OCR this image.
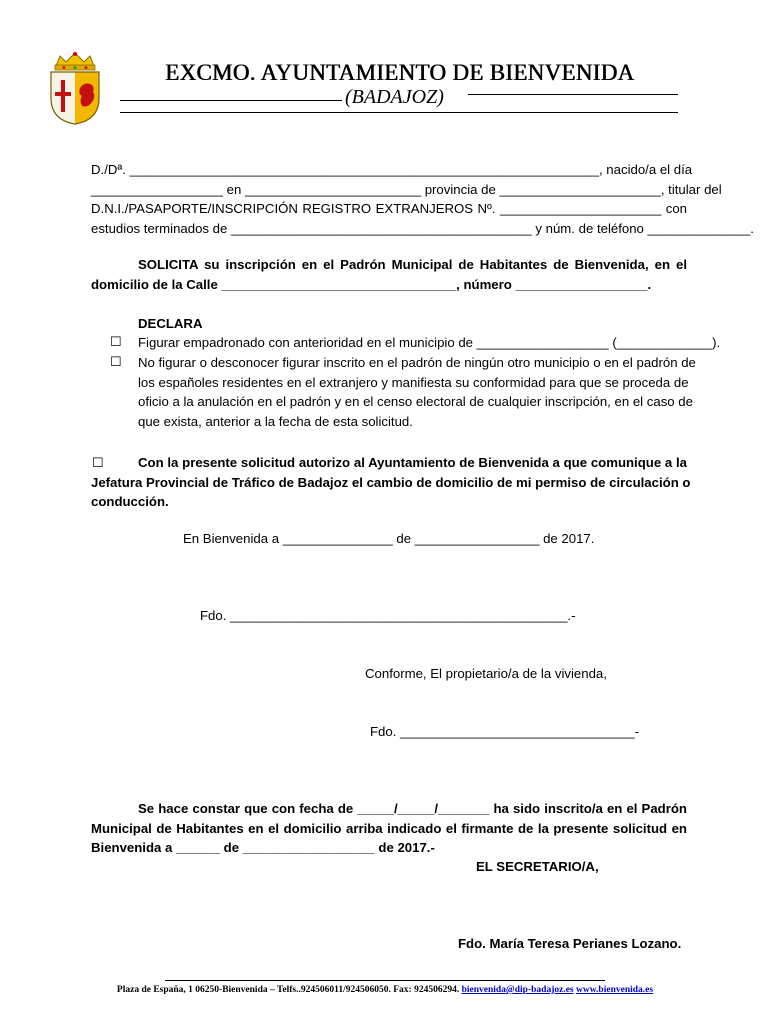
EXCMO. AYUNTAMIENTO DE BIENVENIDA
(BADAJOZ)
D./Dª. ________________________________________________________________, nacido/a el día
__________________ en ________________________ provincia de ______________________, titular del
D.N.I./PASAPORTE/INSCRIPCIÓN REGISTRO EXTRANJEROS Nº. ______________________ con
estudios terminados de _________________________________________ y núm. de teléfono ______________.
SOLICITA su inscripción en el Padrón Municipal de Habitantes de Bienvenida, en el
domicilio de la Calle ________________________________, número __________________.
DECLARA
☐ Figurar empadronado con anterioridad en el municipio de __________________ (_____________).
☐ No figurar o desconocer figurar inscrito en el padrón de ningún otro municipio o en el padrón de
los españoles residentes en el extranjero y manifiesta su conformidad para que se proceda de
oficio a la anulación en el padrón y en el censo electoral de cualquier inscripción, en el caso de
que exista, anterior a la fecha de esta solicitud.
☐	Con la presente solicitud autorizo al Ayuntamiento de Bienvenida a que comunique a la
Jefatura Provincial de Tráfico de Badajoz el cambio de domicilio de mi permiso de circulación o
conducción.
En Bienvenida a _______________ de _________________ de 2017.
Fdo. ______________________________________________.-
Conforme, El propietario/a de la vivienda,
Fdo. ________________________________-
Se hace constar que con fecha de _____/_____/_______ ha sido inscrito/a en el Padrón
Municipal de Habitantes en el domicilio arriba indicado el firmante de la presente solicitud en
Bienvenida a ______ de __________________ de 2017.-
EL SECRETARIO/A,
Fdo. María Teresa Perianes Lozano.
Plaza de España, 1 06250-Bienvenida – Telfs..924506011/924506050. Fax: 924506294. bienvenida@dip-badajoz.es www.bienvenida.es
